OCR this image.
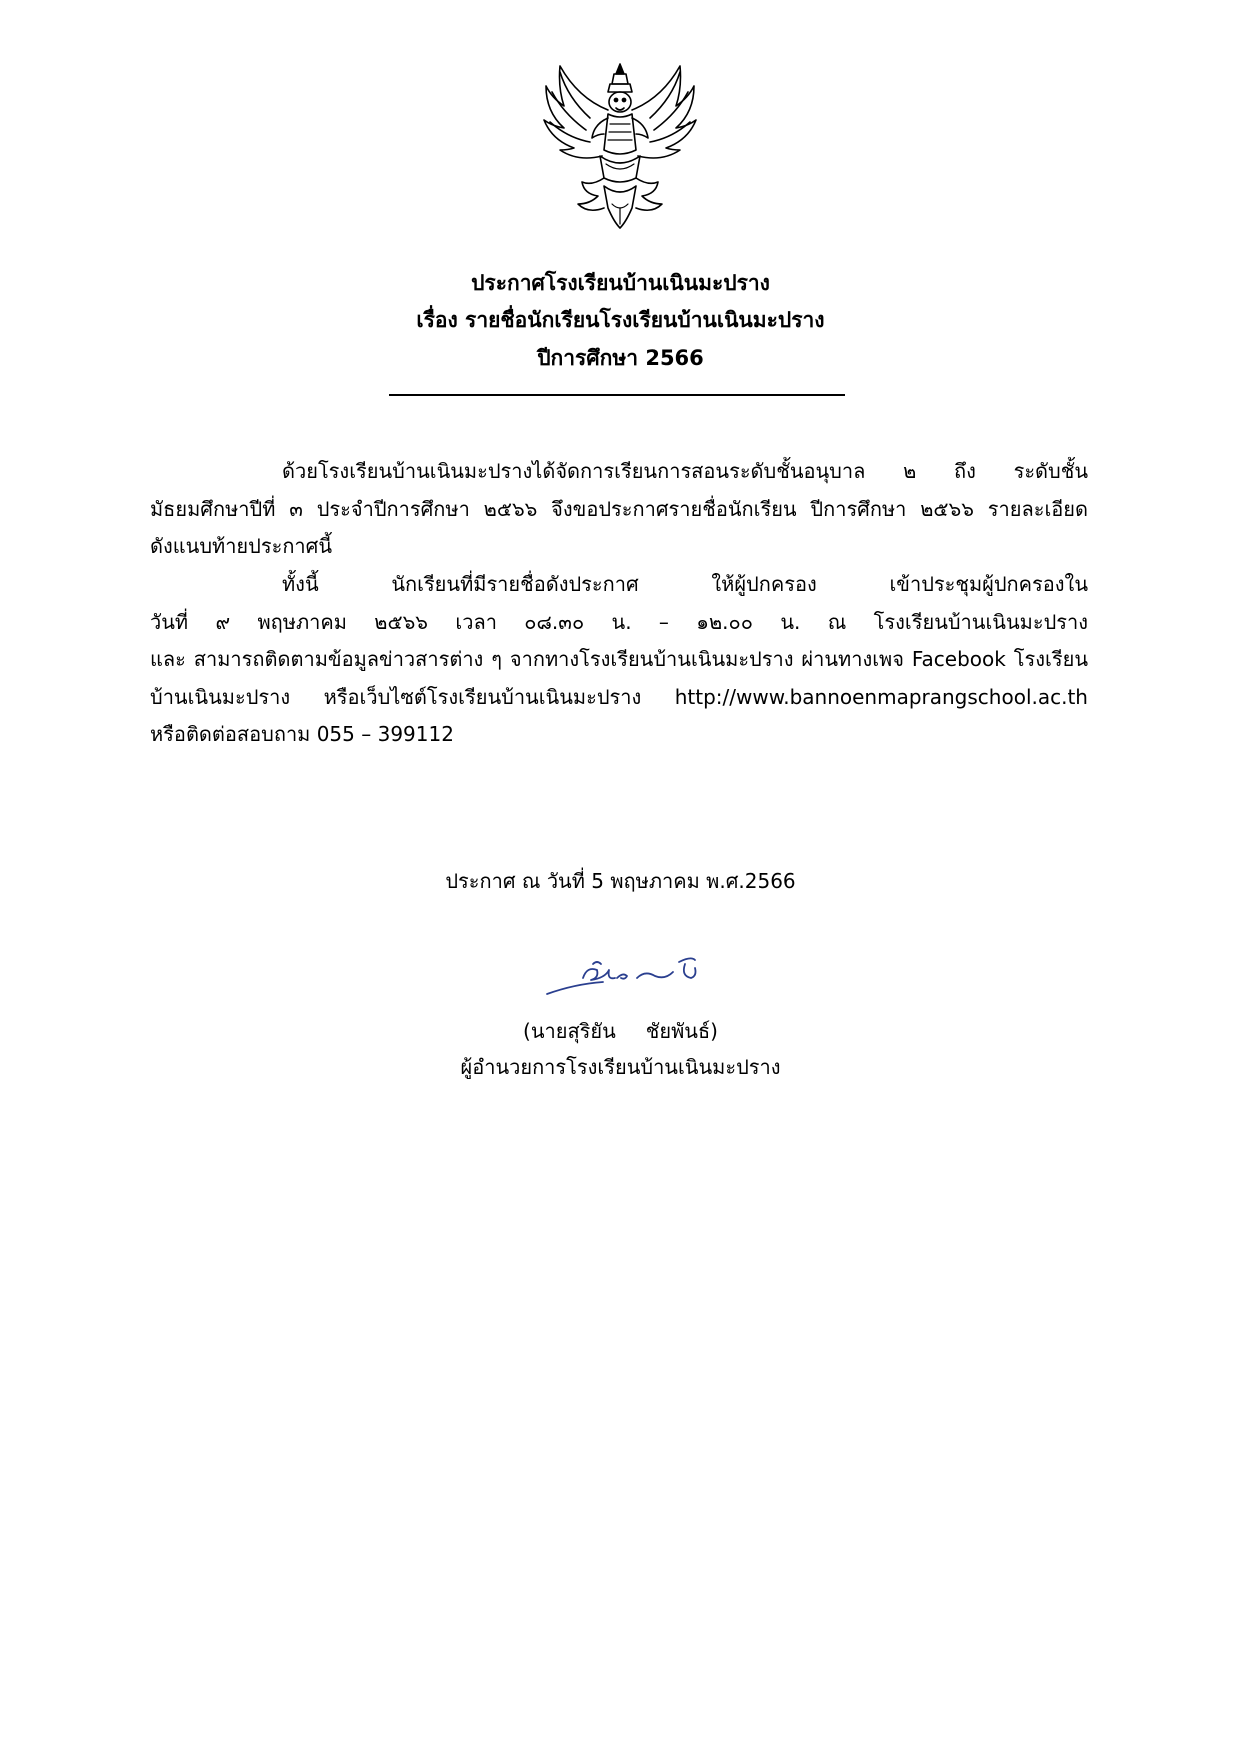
ประกาศโรงเรียนบ้านเนินมะปราง
เรื่อง รายชื่อนักเรียนโรงเรียนบ้านเนินมะปราง
ปีการศึกษา 2566
ด้วยโรงเรียนบ้านเนินมะปรางได้จัดการเรียนการสอนระดับชั้นอนุบาล ๒ ถึง ระดับชั้น
มัธยมศึกษาปีที่ ๓ ประจำปีการศึกษา ๒๕๖๖ จึงขอประกาศรายชื่อนักเรียน ปีการศึกษา ๒๕๖๖ รายละเอียด
ดังแนบท้ายประกาศนี้
ทั้งนี้ นักเรียนที่มีรายชื่อดังประกาศ ให้ผู้ปกครอง เข้าประชุมผู้ปกครองใน
วันที่ ๙ พฤษภาคม ๒๕๖๖ เวลา ๐๘.๓๐ น. – ๑๒.๐๐ น. ณ โรงเรียนบ้านเนินมะปราง
และ สามารถติดตามข้อมูลข่าวสารต่าง ๆ จากทางโรงเรียนบ้านเนินมะปราง ผ่านทางเพจ Facebook โรงเรียน
บ้านเนินมะปราง หรือเว็บไซต์โรงเรียนบ้านเนินมะปราง http://www.bannoenmaprangschool.ac.th
หรือติดต่อสอบถาม 055 – 399112
ประกาศ ณ วันที่ 5 พฤษภาคม พ.ศ.2566
(นายสุริยัน ชัยพันธ์)
ผู้อำนวยการโรงเรียนบ้านเนินมะปราง
